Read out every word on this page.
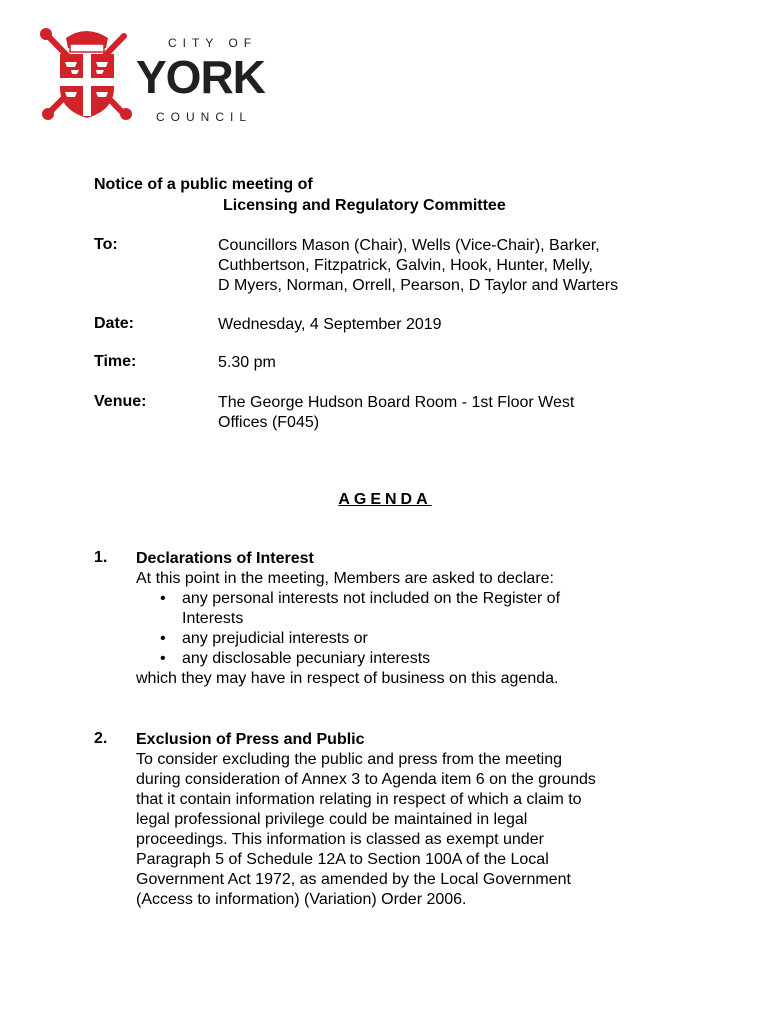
CITY OF
YORK
COUNCIL
Notice of a public meeting of
Licensing and Regulatory Committee
To:	Councillors Mason (Chair), Wells (Vice-Chair), Barker,
Cuthbertson, Fitzpatrick, Galvin, Hook, Hunter, Melly,
D Myers, Norman, Orrell, Pearson, D Taylor and Warters
Date:	Wednesday, 4 September 2019
Time:	5.30 pm
Venue:	The George Hudson Board Room - 1st Floor West
Offices (F045)
AGENDA
1. Declarations of Interest
At this point in the meeting, Members are asked to declare:
• any personal interests not included on the Register of Interests
• any prejudicial interests or
• any disclosable pecuniary interests
which they may have in respect of business on this agenda.
2. Exclusion of Press and Public
To consider excluding the public and press from the meeting
during consideration of Annex 3 to Agenda item 6 on the grounds
that it contain information relating in respect of which a claim to
legal professional privilege could be maintained in legal
proceedings. This information is classed as exempt under
Paragraph 5 of Schedule 12A to Section 100A of the Local
Government Act 1972, as amended by the Local Government
(Access to information) (Variation) Order 2006.
